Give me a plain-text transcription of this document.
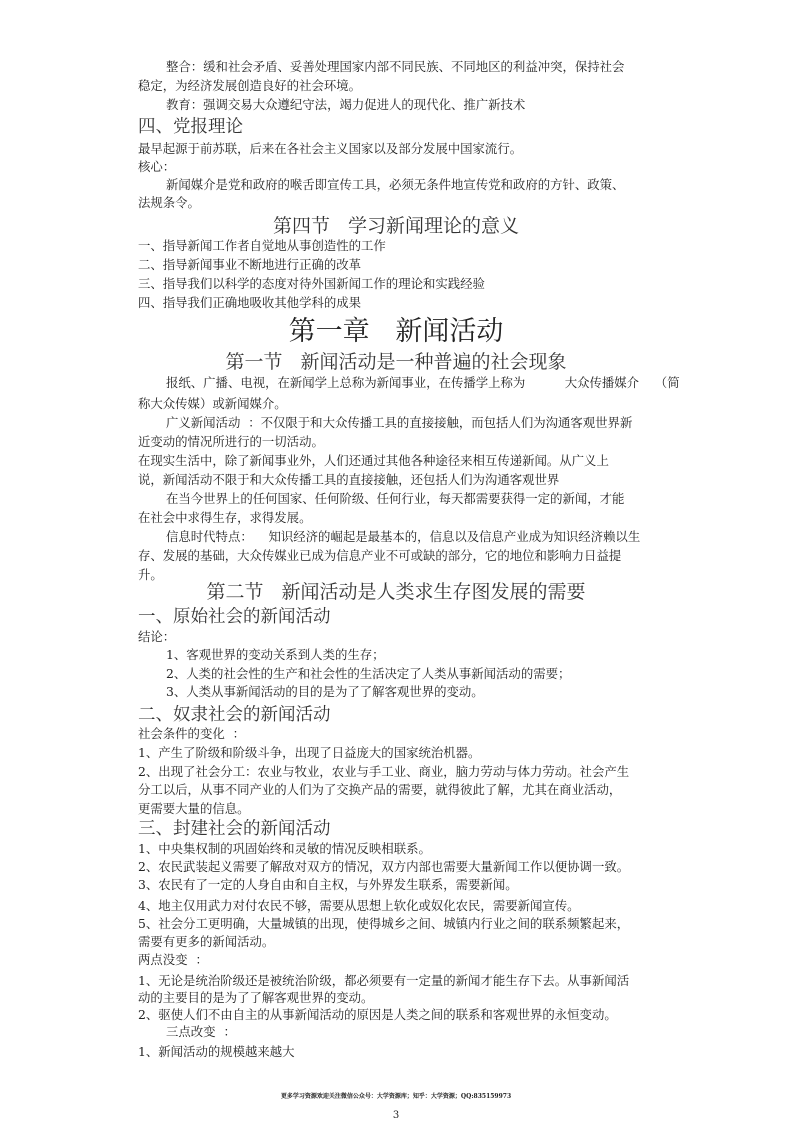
整合：缓和社会矛盾、妥善处理国家内部不同民族、不同地区的利益冲突，保持社会
稳定，为经济发展创造良好的社会环境。
教育：强调交易大众遵纪守法，竭力促进人的现代化、推广新技术
四、党报理论
最早起源于前苏联，后来在各社会主义国家以及部分发展中国家流行。
核心：
新闻媒介是党和政府的喉舌即宣传工具，必须无条件地宣传党和政府的方针、政策、
法规条令。
第四节   学习新闻理论的意义
一、指导新闻工作者自觉地从事创造性的工作
二、指导新闻事业不断地进行正确的改革
三、指导我们以科学的态度对待外国新闻工作的理论和实践经验
四、指导我们正确地吸收其他学科的成果
第一章   新闻活动
第一节   新闻活动是一种普遍的社会现象
报纸、广播、电视，在新闻学上总称为新闻事业，在传播学上称为          大众传播媒介    （简
称大众传媒）或新闻媒介。
广义新闻活动  ：不仅限于和大众传播工具的直接接触，而包括人们为沟通客观世界新
近变动的情况所进行的一切活动。
在现实生活中，除了新闻事业外，人们还通过其他各种途径来相互传递新闻。从广义上
说，新闻活动不限于和大众传播工具的直接接触，还包括人们为沟通客观世界
在当今世界上的任何国家、任何阶级、任何行业，每天都需要获得一定的新闻，才能
在社会中求得生存，求得发展。
信息时代特点：    知识经济的崛起是最基本的，信息以及信息产业成为知识经济赖以生
存、发展的基础，大众传媒业已成为信息产业不可或缺的部分，它的地位和影响力日益提
升。
第二节   新闻活动是人类求生存图发展的需要
一、原始社会的新闻活动
结论：
1、客观世界的变动关系到人类的生存；
2、人类的社会性的生产和社会性的生活决定了人类从事新闻活动的需要；
3、人类从事新闻活动的目的是为了了解客观世界的变动。
二、奴隶社会的新闻活动
社会条件的变化  ：
1、产生了阶级和阶级斗争，出现了日益庞大的国家统治机器。
2、出现了社会分工：农业与牧业，农业与手工业、商业，脑力劳动与体力劳动。社会产生
分工以后，从事不同产业的人们为了交换产品的需要，就得彼此了解，尤其在商业活动，
更需要大量的信息。
三、封建社会的新闻活动
1、中央集权制的巩固始终和灵敏的情况反映相联系。
2、农民武装起义需要了解敌对双方的情况，双方内部也需要大量新闻工作以便协调一致。
3、农民有了一定的人身自由和自主权，与外界发生联系，需要新闻。
4、地主仅用武力对付农民不够，需要从思想上软化或奴化农民，需要新闻宣传。
5、社会分工更明确，大量城镇的出现，使得城乡之间、城镇内行业之间的联系频繁起来，
需要有更多的新闻活动。
两点没变  ：
1、无论是统治阶级还是被统治阶级，都必须要有一定量的新闻才能生存下去。从事新闻活
动的主要目的是为了了解客观世界的变动。
2、驱使人们不由自主的从事新闻活动的原因是人类之间的联系和客观世界的永恒变动。
三点改变  ：
1、新闻活动的规模越来越大
更多学习资源欢迎关注微信公众号：大学资源库；知乎：大学资源；QQ:835159973
3
